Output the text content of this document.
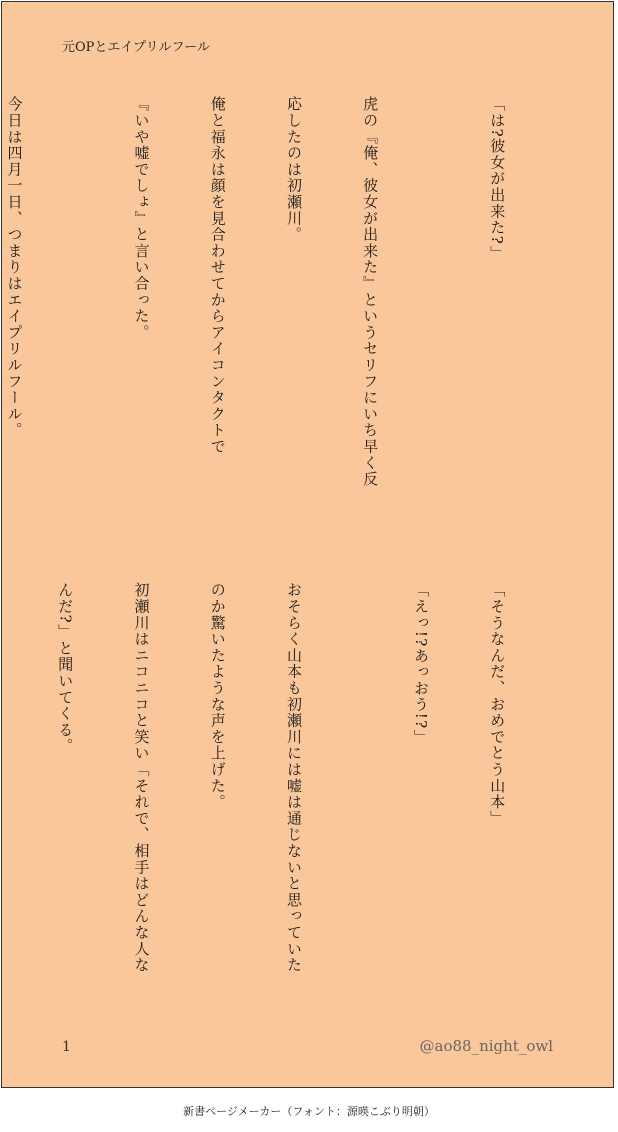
元OPとエイプリルフール

「は?彼女が出来た?」

虎の『俺、彼女が出来た』というセリフにいち早く反

応したのは初瀬川。

俺と福永は顔を見合わせてからアイコンタクトで

『いや嘘でしょ』と言い合った。

今日は四月一日、つまりはエイプリルフール。

「そうなんだ、おめでとう山本」

「えっ!?あっおう!?」

おそらく山本も初瀬川には嘘は通じないと思っていた

のか驚いたような声を上げた。

初瀬川はニコニコと笑い「それで、相手はどんな人な

んだ?」と聞いてくる。

1	@ao88_night_owl
新書ページメーカー（フォント：源暎こぶり明朝）
